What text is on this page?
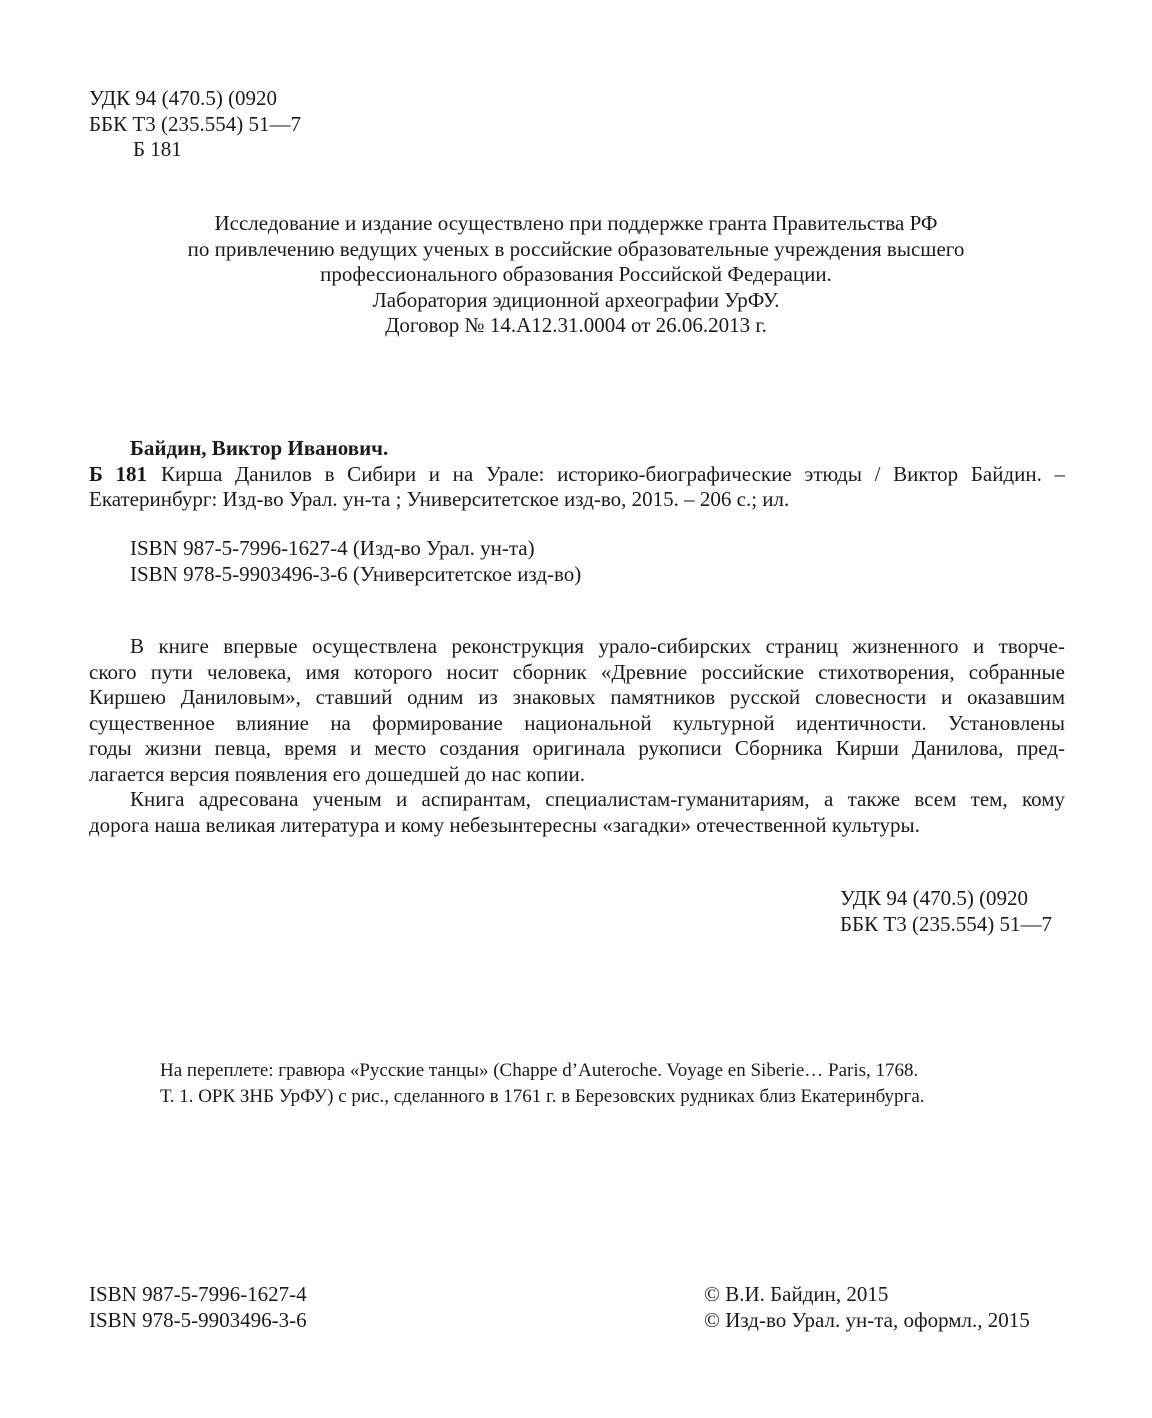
УДК 94 (470.5) (0920
ББК Т3 (235.554) 51—7
Б 181
Исследование и издание осуществлено при поддержке гранта Правительства РФ
по привлечению ведущих ученых в российские образовательные учреждения высшего
профессионального образования Российской Федерации.
Лаборатория эдиционной археографии УрФУ.
Договор № 14.А12.31.0004 от 26.06.2013 г.
Байдин, Виктор Иванович.
Б 181 Кирша Данилов в Сибири и на Урале: историко-биографические этюды / Виктор Байдин. –
Екатеринбург: Изд-во Урал. ун-та ; Университетское изд-во, 2015. – 206 с.; ил.
ISBN 987-5-7996-1627-4 (Изд-во Урал. ун-та)
ISBN 978-5-9903496-3-6 (Университетское изд-во)
В книге впервые осуществлена реконструкция урало-сибирских страниц жизненного и творче-
ского пути человека, имя которого носит сборник «Древние российские стихотворения, собранные
Киршею Даниловым», ставший одним из знаковых памятников русской словесности и оказавшим
существенное влияние на формирование национальной культурной идентичности. Установлены
годы жизни певца, время и место создания оригинала рукописи Сборника Кирши Данилова, пред-
лагается версия появления его дошедшей до нас копии.
Книга адресована ученым и аспирантам, специалистам-гуманитариям, а также всем тем, кому
дорога наша великая литература и кому небезынтересны «загадки» отечественной культуры.
УДК 94 (470.5) (0920
ББК Т3 (235.554) 51—7
На переплете: гравюра «Русские танцы» (Chappe d’Auteroche. Voyage en Siberie… Paris, 1768.
Т. 1. ОРК ЗНБ УрФУ) с рис., сделанного в 1761 г. в Березовских рудниках близ Екатеринбурга.
ISBN 987-5-7996-1627-4
ISBN 978-5-9903496-3-6
© В.И. Байдин, 2015
© Изд-во Урал. ун-та, оформл., 2015
